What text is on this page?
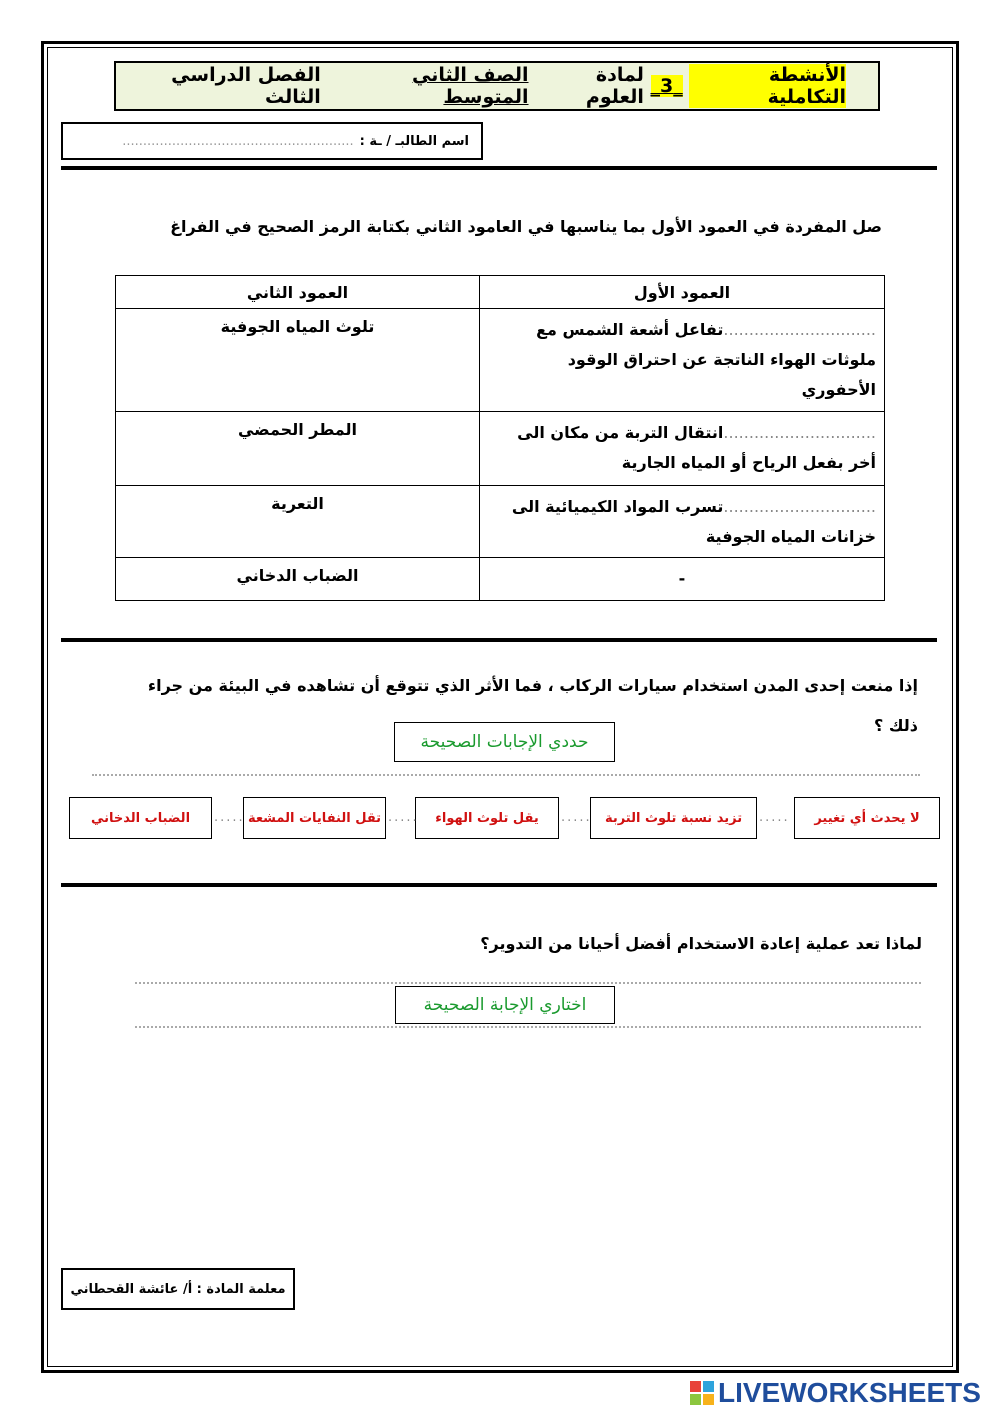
الأنشطة التكاملية

_3_

لمادة العلوم

الصف الثاني المتوسط

الفصل الدراسي الثالث
اسم الطالبـ / ـة :
........................................................
صل المفردة في العمود الأول بما يناسبها في العامود الثاني بكتابة الرمز الصحيح في الفراغ
العمود الأول	العمود الثاني
..............................تفاعل أشعة الشمس مع
ملوثات الهواء الناتجة عن احتراق الوقود
الأحفوري	تلوث المياه الجوفية
..............................انتقال التربة من مكان الى
أخر بفعل الرياح أو المياه الجارية	المطر الحمضي
..............................تسرب المواد الكيميائية الى
خزانات المياه الجوفية	التعرية
-	الضباب الدخاني
إذا منعت إحدى المدن استخدام سيارات الركاب ، فما الأثر الذي تتوقع أن تشاهده في البيئة من جراء
ذلك ؟
حددي الإجابات الصحيحة
لا يحدث أي تغيير
.....
تزيد نسبة تلوث التربة
.....
يقل تلوث الهواء
.....
تقل النفايات المشعة
.....
الضباب الدخاني
لماذا تعد عملية إعادة الاستخدام أفضل أحيانا من التدوير؟
اختاري الإجابة الصحيحة
معلمة المادة : أ/ عائشة القحطاني
LIVEWORKSHEETS
